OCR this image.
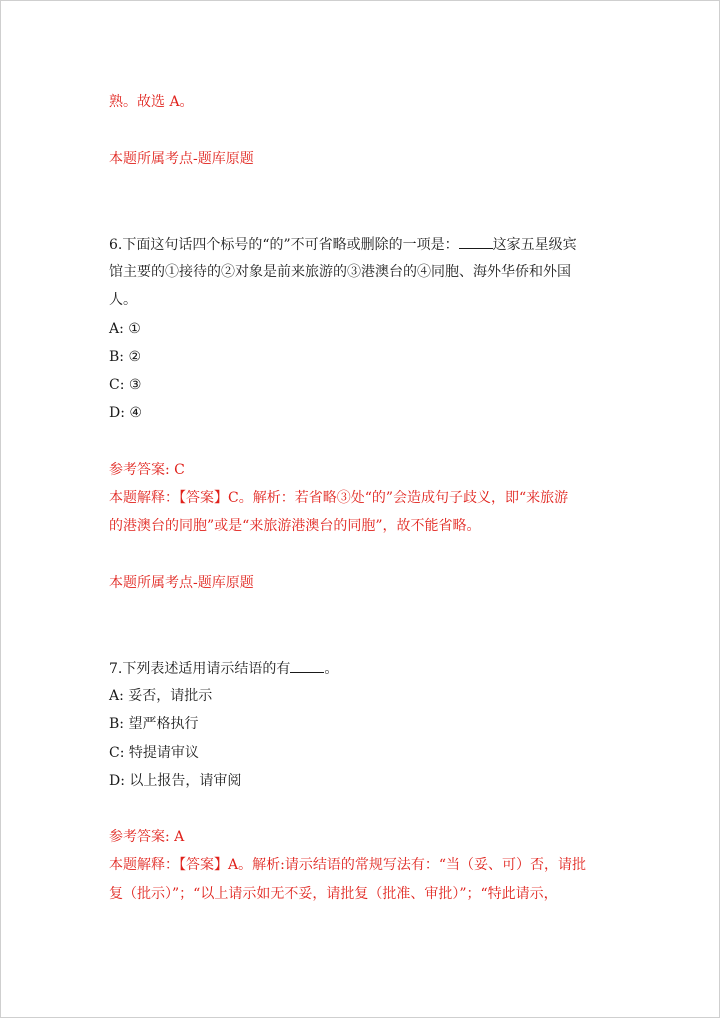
熟。故选 A。
本题所属考点-题库原题
6.下面这句话四个标号的“的”不可省略或删除的一项是： 这家五星级宾
馆主要的①接待的②对象是前来旅游的③港澳台的④同胞、海外华侨和外国
人。
A: ①
B: ②
C: ③
D: ④
参考答案: C
本题解释：【答案】C。解析：若省略③处“的”会造成句子歧义，即“来旅游
的港澳台的同胞”或是“来旅游港澳台的同胞”，故不能省略。
本题所属考点-题库原题
7.下列表述适用请示结语的有 。
A: 妥否，请批示
B: 望严格执行
C: 特提请审议
D: 以上报告，请审阅
参考答案: A
本题解释：【答案】A。解析:请示结语的常规写法有：“当（妥、可）否，请批
复（批示）”；“以上请示如无不妥，请批复（批准、审批）”；“特此请示，
